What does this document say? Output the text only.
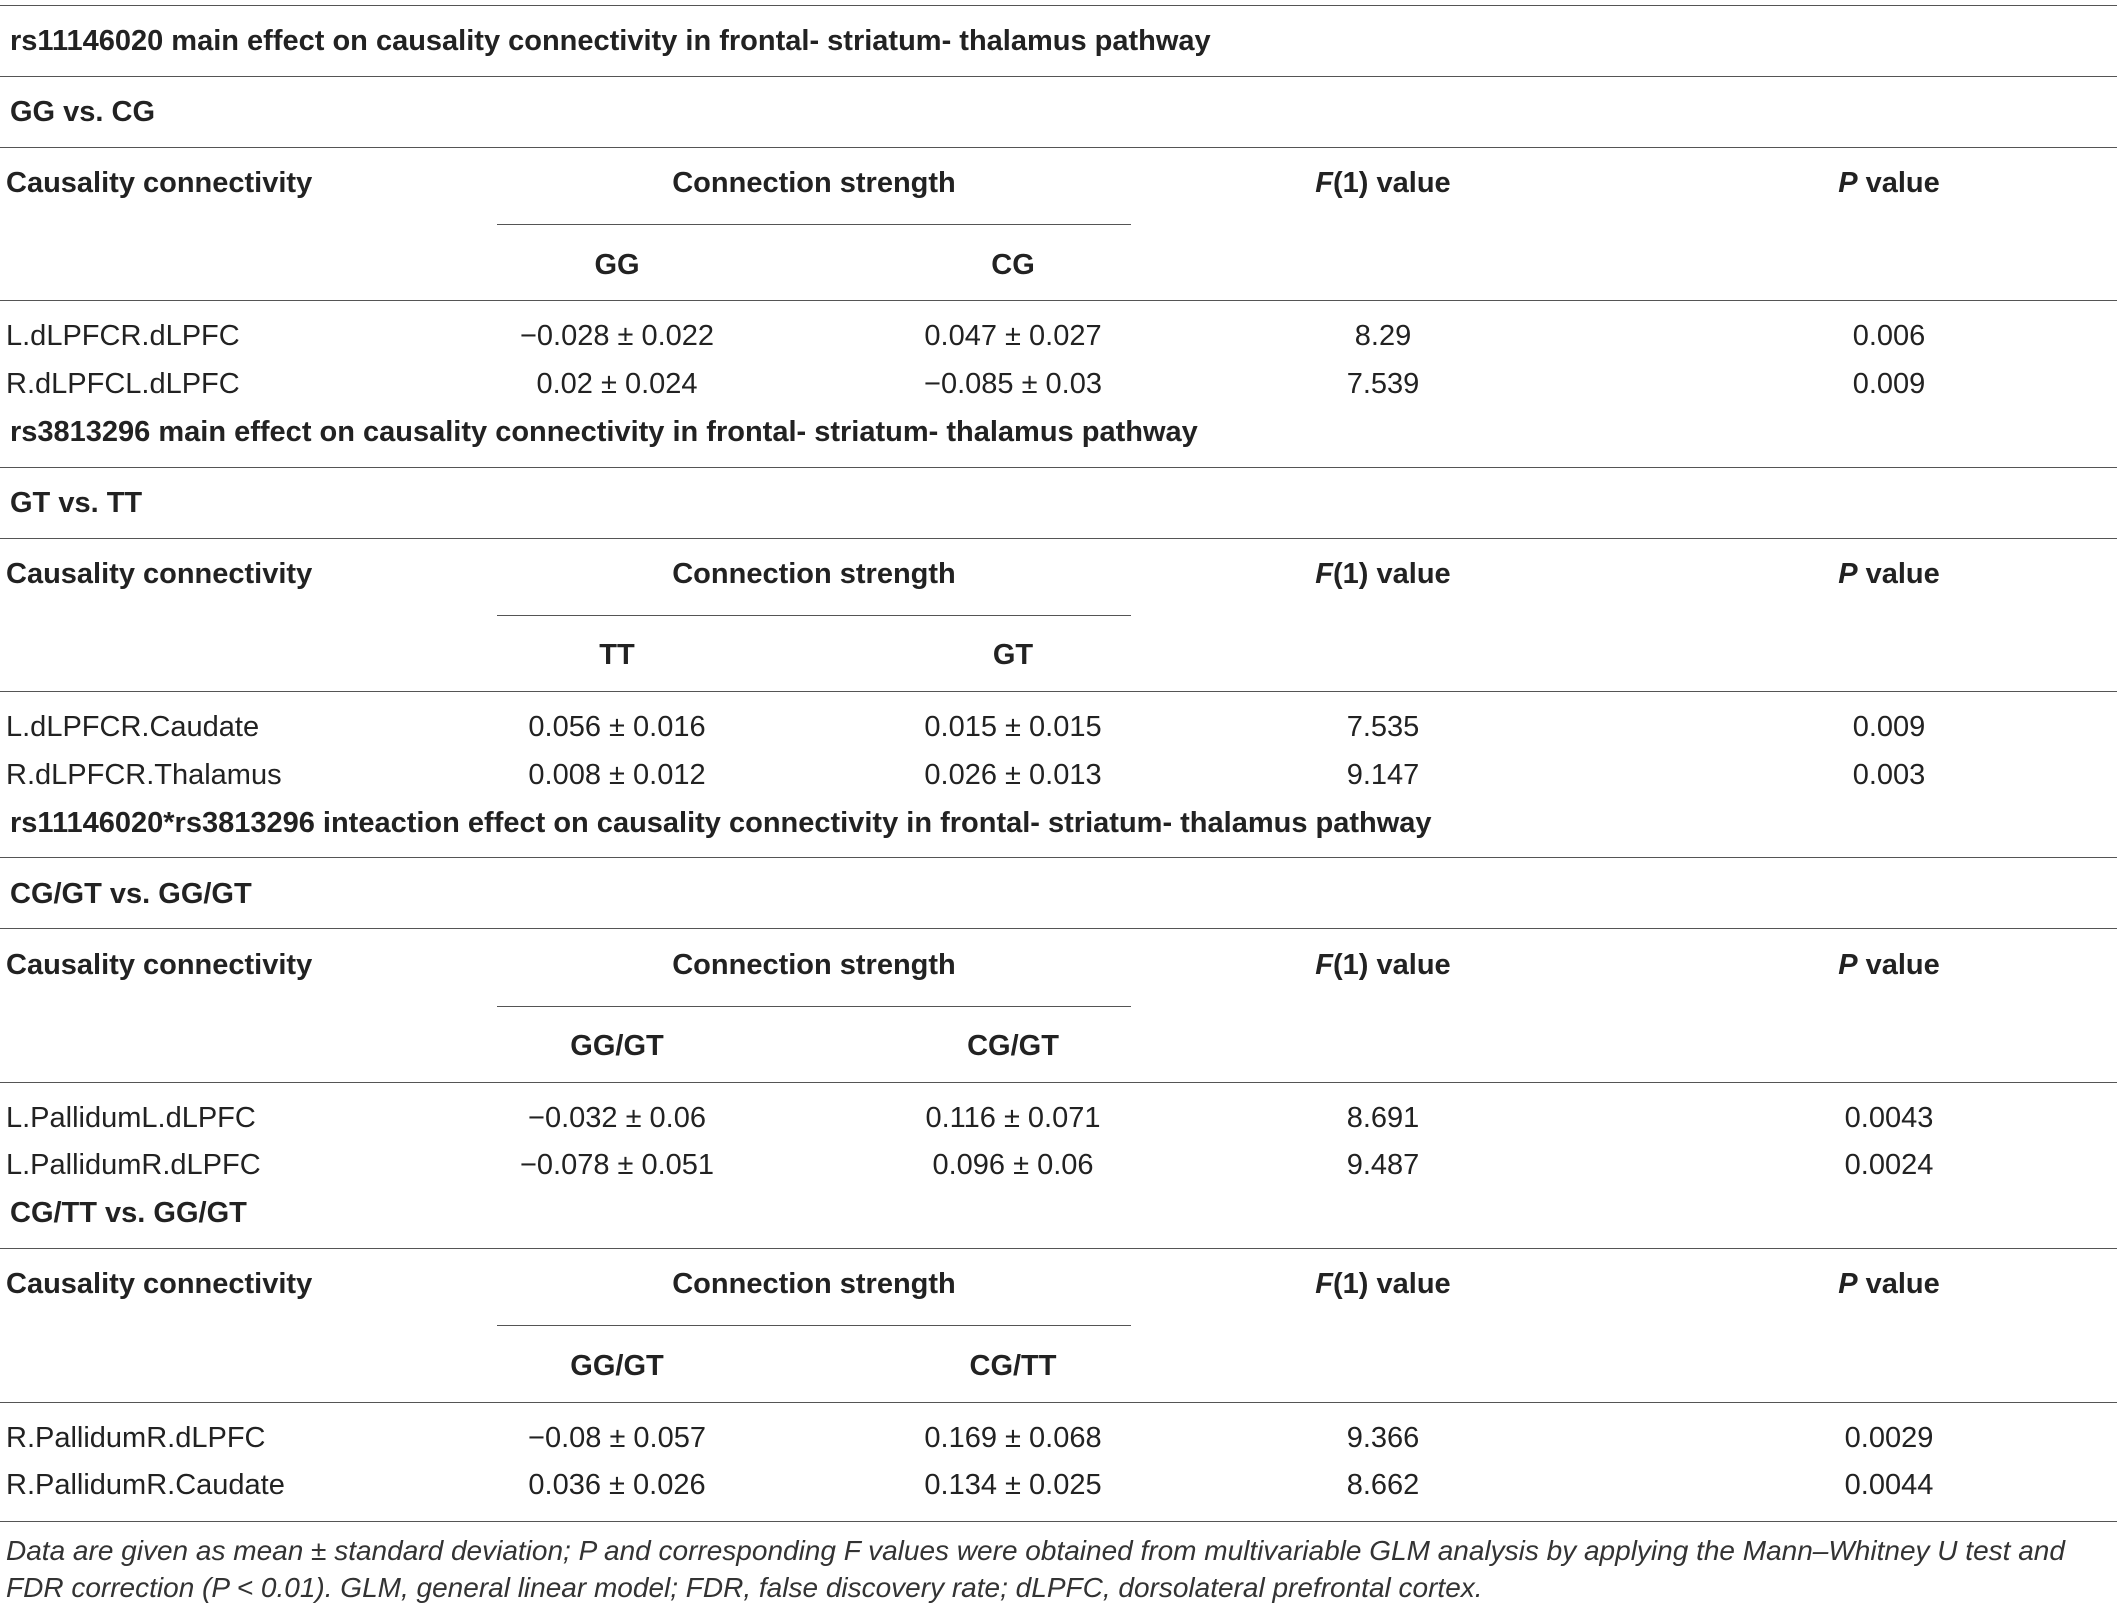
rs11146020 main effect on causality connectivity in frontal- striatum- thalamus pathway
GG vs. CG
Causality connectivity	Connection strength	F(1) value	P value
GG	CG
L.dLPFCR.dLPFC	−0.028 ± 0.022	0.047 ± 0.027	8.29	0.006
R.dLPFCL.dLPFC	0.02 ± 0.024	−0.085 ± 0.03	7.539	0.009
rs3813296 main effect on causality connectivity in frontal- striatum- thalamus pathway
GT vs. TT
Causality connectivity	Connection strength	F(1) value	P value
TT	GT
L.dLPFCR.Caudate	0.056 ± 0.016	0.015 ± 0.015	7.535	0.009
R.dLPFCR.Thalamus	0.008 ± 0.012	0.026 ± 0.013	9.147	0.003
rs11146020*rs3813296 inteaction effect on causality connectivity in frontal- striatum- thalamus pathway
CG/GT vs. GG/GT
Causality connectivity	Connection strength	F(1) value	P value
GG/GT	CG/GT
L.PallidumL.dLPFC	−0.032 ± 0.06	0.116 ± 0.071	8.691	0.0043
L.PallidumR.dLPFC	−0.078 ± 0.051	0.096 ± 0.06	9.487	0.0024
CG/TT vs. GG/GT
Causality connectivity	Connection strength	F(1) value	P value
GG/GT	CG/TT
R.PallidumR.dLPFC	−0.08 ± 0.057	0.169 ± 0.068	9.366	0.0029
R.PallidumR.Caudate	0.036 ± 0.026	0.134 ± 0.025	8.662	0.0044
Data are given as mean ± standard deviation; P and corresponding F values were obtained from multivariable GLM analysis by applying the Mann–Whitney U test and FDR correction (P < 0.01). GLM, general linear model; FDR, false discovery rate; dLPFC, dorsolateral prefrontal cortex.
